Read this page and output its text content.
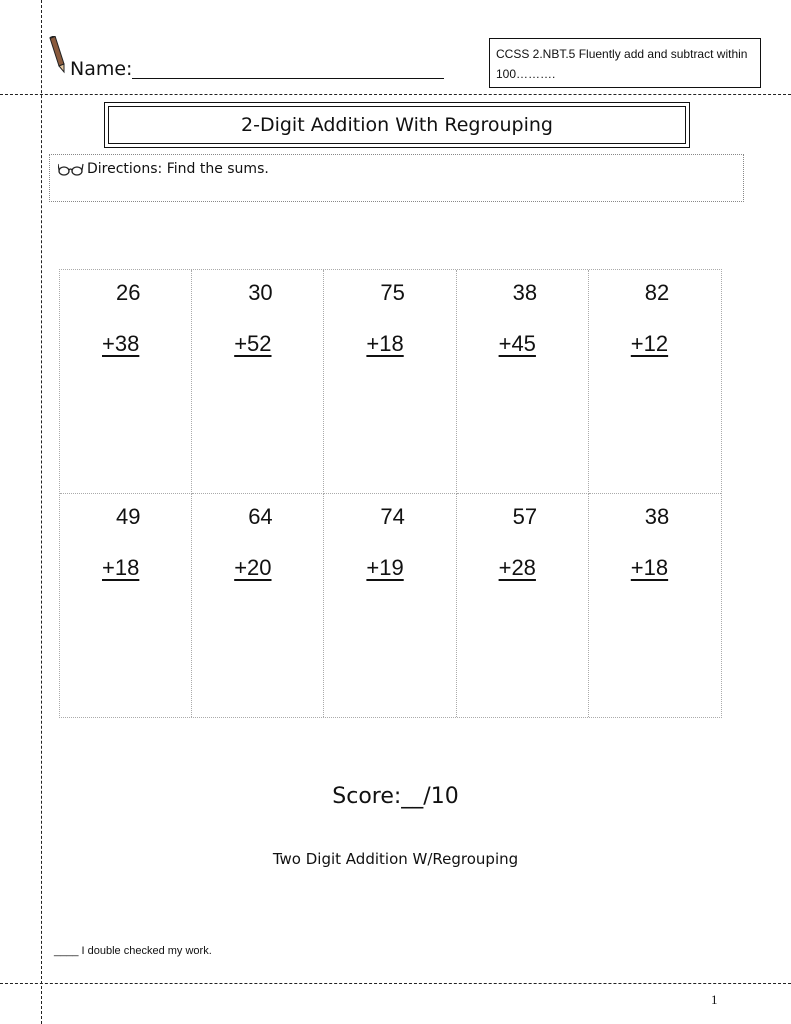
Name:
CCSS 2.NBT.5 Fluently add and subtract within 100……….
2-Digit Addition With Regrouping
Directions: Find the sums.
26
+38
30
+52
75
+18
38
+45
82
+12
49
+18
64
+20
74
+19
57
+28
38
+18
Score:__/10
Two Digit Addition W/Regrouping
____ I double checked my work.
1
